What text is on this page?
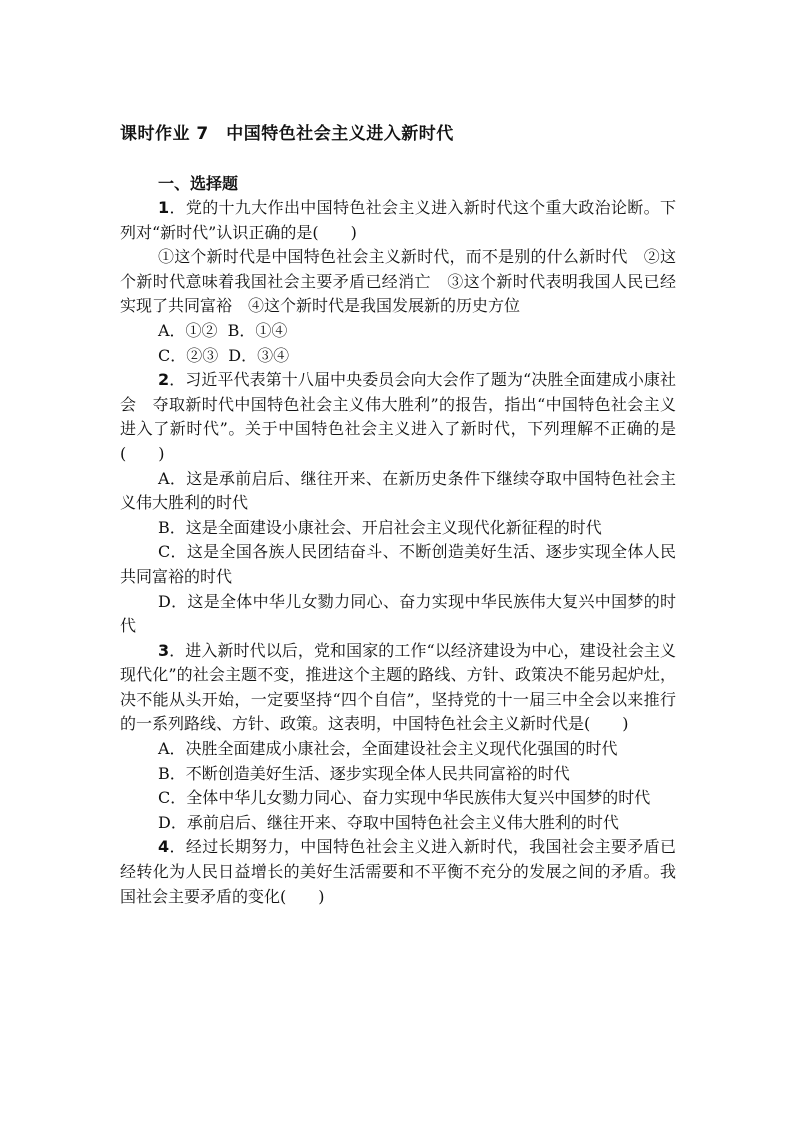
课时作业 7　中国特色社会主义进入新时代
一、选择题

1．党的十九大作出中国特色社会主义进入新时代这个重大政治论断。下列对“新时代”认识正确的是(　　)

①这个新时代是中国特色社会主义新时代，而不是别的什么新时代　②这个新时代意味着我国社会主要矛盾已经消亡　③这个新时代表明我国人民已经实现了共同富裕　④这个新时代是我国发展新的历史方位

A．①② B．①④

C．②③ D．③④

2．习近平代表第十八届中央委员会向大会作了题为“决胜全面建成小康社会　夺取新时代中国特色社会主义伟大胜利”的报告，指出“中国特色社会主义进入了新时代”。关于中国特色社会主义进入了新时代，下列理解不正确的是(　　)

A．这是承前启后、继往开来、在新历史条件下继续夺取中国特色社会主义伟大胜利的时代

B．这是全面建设小康社会、开启社会主义现代化新征程的时代

C．这是全国各族人民团结奋斗、不断创造美好生活、逐步实现全体人民共同富裕的时代

D．这是全体中华儿女勠力同心、奋力实现中华民族伟大复兴中国梦的时代

3．进入新时代以后，党和国家的工作“以经济建设为中心，建设社会主义现代化”的社会主题不变，推进这个主题的路线、方针、政策决不能另起炉灶，决不能从头开始，一定要坚持“四个自信”，坚持党的十一届三中全会以来推行的一系列路线、方针、政策。这表明，中国特色社会主义新时代是(　　)

A．决胜全面建成小康社会，全面建设社会主义现代化强国的时代

B．不断创造美好生活、逐步实现全体人民共同富裕的时代

C．全体中华儿女勠力同心、奋力实现中华民族伟大复兴中国梦的时代

D．承前启后、继往开来、夺取中国特色社会主义伟大胜利的时代

4．经过长期努力，中国特色社会主义进入新时代，我国社会主要矛盾已经转化为人民日益增长的美好生活需要和不平衡不充分的发展之间的矛盾。我国社会主要矛盾的变化(　　)
